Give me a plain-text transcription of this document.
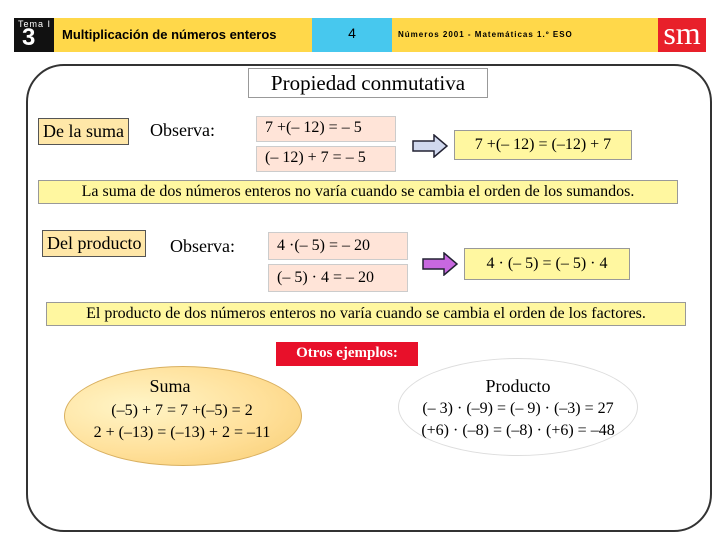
Tema I
3 Multiplicación de números enteros	4	Números 2001 - Matemáticas 1.º ESO	sm
Propiedad conmutativa
De la suma Observa:	7 +(– 12) = – 5
(– 12) + 7 = – 5
7 +(– 12) = (–12) + 7
La suma de dos números enteros no varía cuando se cambia el orden de los sumandos.
Del producto Observa:	4 ·(– 5) = – 20
(– 5) · 4 = – 20
4 · (– 5) = (– 5) · 4
El producto de dos números enteros no varía cuando se cambia el orden de los factores.
Otros ejemplos:
Suma
(–5) + 7 = 7 +(–5) = 2
2 + (–13) = (–13) + 2 = –11
Producto
(– 3) · (–9) = (– 9) · (–3) = 27
(+6) · (–8) = (–8) · (+6) = –48
